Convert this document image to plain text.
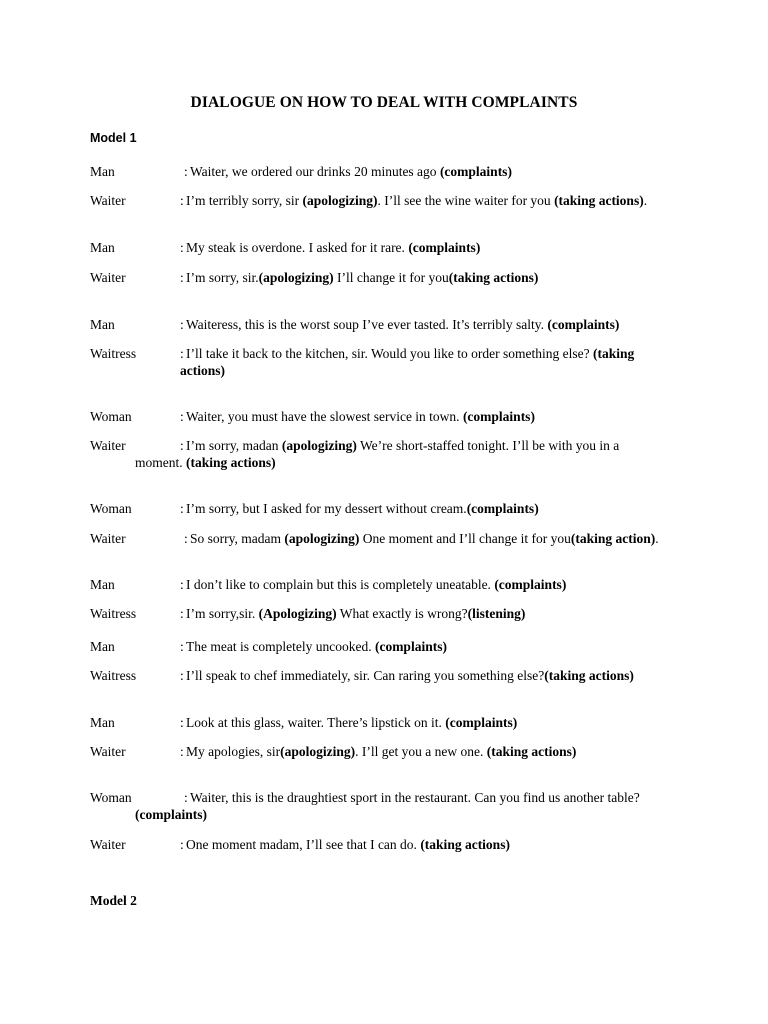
DIALOGUE ON HOW TO DEAL WITH COMPLAINTS
Model 1
Man	: Waiter, we ordered our drinks 20 minutes ago (complaints)
Waiter	: I’m terribly sorry, sir (apologizing). I’ll see the wine waiter for you (taking actions).
Man	: My steak is overdone. I asked for it rare. (complaints)
Waiter	: I’m sorry, sir.(apologizing) I’ll change it for you(taking actions)
Man	: Waiteress, this is the worst soup I’ve ever tasted. It’s terribly salty. (complaints)
Waitress	: I’ll take it back to the kitchen, sir. Would you like to order something else? (taking
actions)
Woman	: Waiter, you must have the slowest service in town. (complaints)
Waiter	: I’m sorry, madan (apologizing) We’re short-staffed tonight. I’ll be with you in a
moment. (taking actions)
Woman	: I’m sorry, but I asked for my dessert without cream.(complaints)
Waiter	: So sorry, madam (apologizing) One moment and I’ll change it for you(taking action).
Man	: I don’t like to complain but this is completely uneatable. (complaints)
Waitress	: I’m sorry,sir. (Apologizing) What exactly is wrong?(listening)
Man	: The meat is completely uncooked. (complaints)
Waitress	: I’ll speak to chef immediately, sir. Can raring you something else?(taking actions)
Man	: Look at this glass, waiter. There’s lipstick on it. (complaints)
Waiter	: My apologies, sir(apologizing). I’ll get you a new one. (taking actions)
Woman	: Waiter, this is the draughtiest sport in the restaurant. Can you find us another table?
(complaints)
Waiter	: One moment madam, I’ll see that I can do. (taking actions)
Model 2
